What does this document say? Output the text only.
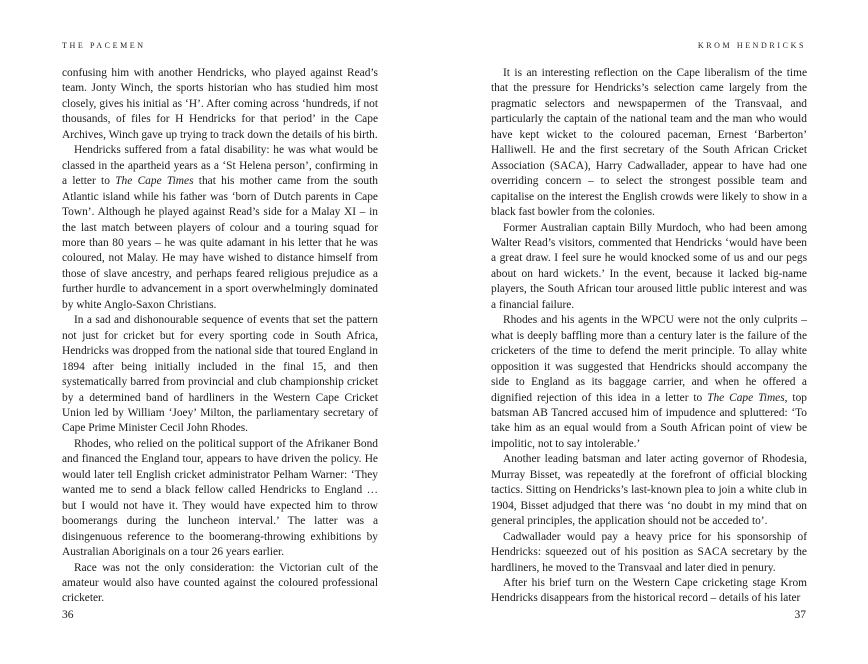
THE PACEMEN

confusing him with another Hendricks, who played against Read’s team. Jonty Winch, the sports historian who has studied him most closely, gives his initial as ‘H’. After coming across ‘hundreds, if not thousands, of files for H Hendricks for that period’ in the Cape Archives, Winch gave up trying to track down the details of his birth.

Hendricks suffered from a fatal disability: he was what would be classed in the apartheid years as a ‘St Helena person’, confirming in a letter to The Cape Times that his mother came from the south Atlantic island while his father was ‘born of Dutch parents in Cape Town’. Although he played against Read’s side for a Malay XI – in the last match between players of colour and a touring squad for more than 80 years – he was quite adamant in his letter that he was coloured, not Malay. He may have wished to distance himself from those of slave ancestry, and perhaps feared religious prejudice as a further hurdle to advancement in a sport overwhelmingly dominated by white Anglo-Saxon Christians.

In a sad and dishonourable sequence of events that set the pattern not just for cricket but for every sporting code in South Africa, Hendricks was dropped from the national side that toured England in 1894 after being initially included in the final 15, and then systematically barred from provincial and club championship cricket by a determined band of hardliners in the Western Cape Cricket Union led by William ‘Joey’ Milton, the parliamentary secretary of Cape Prime Minister Cecil John Rhodes.

Rhodes, who relied on the political support of the Afrikaner Bond and financed the England tour, appears to have driven the policy. He would later tell English cricket administrator Pelham Warner: ‘They wanted me to send a black fellow called Hendricks to England … but I would not have it. They would have expected him to throw boomerangs during the luncheon interval.’ The latter was a disingenuous reference to the boomerang-throwing exhibitions by Australian Aboriginals on a tour 26 years earlier.

Race was not the only consideration: the Victorian cult of the amateur would also have counted against the coloured professional cricketer.

36
KROM HENDRICKS

It is an interesting reflection on the Cape liberalism of the time that the pressure for Hendricks’s selection came largely from the pragmatic selectors and newspapermen of the Transvaal, and particularly the captain of the national team and the man who would have kept wicket to the coloured paceman, Ernest ‘Barberton’ Halliwell. He and the first secretary of the South African Cricket Association (SACA), Harry Cadwallader, appear to have had one overriding concern – to select the strongest possible team and capitalise on the interest the English crowds were likely to show in a black fast bowler from the colonies.

Former Australian captain Billy Murdoch, who had been among Walter Read’s visitors, commented that Hendricks ‘would have been a great draw. I feel sure he would knocked some of us and our pegs about on hard wickets.’ In the event, because it lacked big-name players, the South African tour aroused little public interest and was a financial failure.

Rhodes and his agents in the WPCU were not the only culprits – what is deeply baffling more than a century later is the failure of the cricketers of the time to defend the merit principle. To allay white opposition it was suggested that Hendricks should accompany the side to England as its baggage carrier, and when he offered a dignified rejection of this idea in a letter to The Cape Times, top batsman AB Tancred accused him of impudence and spluttered: ‘To take him as an equal would from a South African point of view be impolitic, not to say intolerable.’

Another leading batsman and later acting governor of Rhodesia, Murray Bisset, was repeatedly at the forefront of official blocking tactics. Sitting on Hendricks’s last-known plea to join a white club in 1904, Bisset adjudged that there was ‘no doubt in my mind that on general principles, the application should not be acceded to’.

Cadwallader would pay a heavy price for his sponsorship of Hendricks: squeezed out of his position as SACA secretary by the hardliners, he moved to the Transvaal and later died in penury.

After his brief turn on the Western Cape cricketing stage Krom Hendricks disappears from the historical record – details of his later

37
